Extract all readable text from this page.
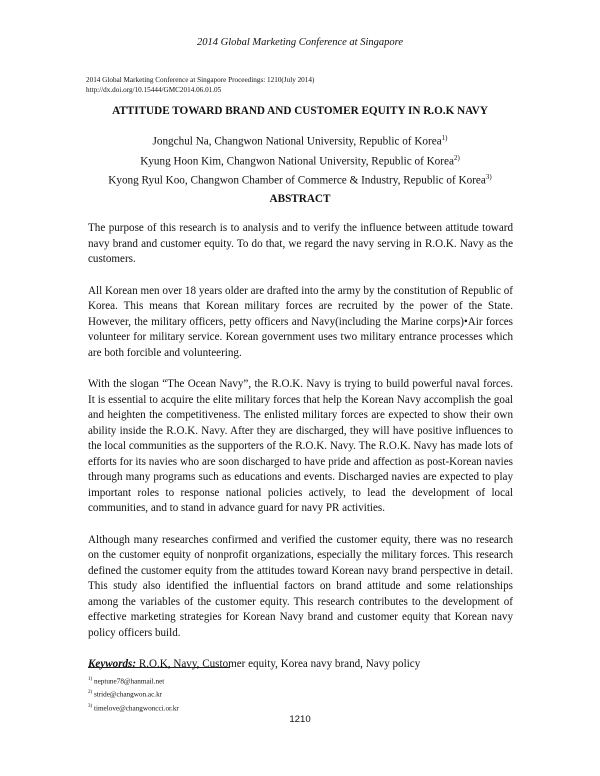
2014 Global Marketing Conference at Singapore
2014 Global Marketing Conference at Singapore Proceedings: 1210(July 2014)
http://dx.doi.org/10.15444/GMC2014.06.01.05
ATTITUDE TOWARD BRAND AND CUSTOMER EQUITY IN R.O.K NAVY
Jongchul Na, Changwon National University, Republic of Korea$^{1)}$
Kyung Hoon Kim, Changwon National University, Republic of Korea$^{2)}$
Kyong Ryul Koo, Changwon Chamber of Commerce & Industry, Republic of Korea$^{3)}$
ABSTRACT

The purpose of this research is to analysis and to verify the influence between attitude toward navy brand and customer equity. To do that, we regard the navy serving in R.O.K. Navy as the customers.

All Korean men over 18 years older are drafted into the army by the constitution of Republic of Korea. This means that Korean military forces are recruited by the power of the State. However, the military officers, petty officers and Navy(including the Marine corps)•Air forces volunteer for military service. Korean government uses two military entrance processes which are both forcible and volunteering.

With the slogan “The Ocean Navy”, the R.O.K. Navy is trying to build powerful naval forces. It is essential to acquire the elite military forces that help the Korean Navy accomplish the goal and heighten the competitiveness. The enlisted military forces are expected to show their own ability inside the R.O.K. Navy. After they are discharged, they will have positive influences to the local communities as the supporters of the R.O.K. Navy. The R.O.K. Navy has made lots of efforts for its navies who are soon discharged to have pride and affection as post-Korean navies through many programs such as educations and events. Discharged navies are expected to play important roles to response national policies actively, to lead the development of local communities, and to stand in advance guard for navy PR activities.

Although many researches confirmed and verified the customer equity, there was no research on the customer equity of nonprofit organizations, especially the military forces. This research defined the customer equity from the attitudes toward Korean navy brand perspective in detail. This study also identified the influential factors on brand attitude and some relationships among the variables of the customer equity. This research contributes to the development of effective marketing strategies for Korean Navy brand and customer equity that Korean navy policy officers build.

Keywords: R.O.K, Navy, Customer equity, Korea navy brand, Navy policy

$^{1)}$ neptune78@hanmail.net
$^{2)}$ stride@changwon.ac.kr
$^{3)}$ timelove@changwoncci.or.kr
1210
